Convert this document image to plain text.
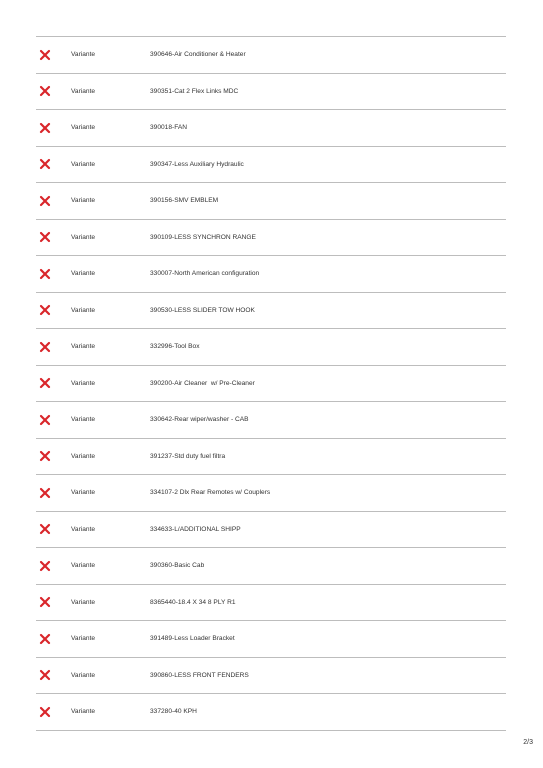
Variante	390646-Air Conditioner & Heater
Variante	390351-Cat 2 Flex Links MDC
Variante	390018-FAN
Variante	390347-Less Auxiliary Hydraulic
Variante	390156-SMV EMBLEM
Variante	390109-LESS SYNCHRON RANGE
Variante	330007-North American configuration
Variante	390530-LESS SLIDER TOW HOOK
Variante	332996-Tool Box
Variante	390200-Air Cleaner  w/ Pre-Cleaner
Variante	330642-Rear wiper/washer - CAB
Variante	391237-Std duty fuel filtra
Variante	334107-2 Dlx Rear Remotes w/ Couplers
Variante	334633-L/ADDITIONAL SHIPP
Variante	390360-Basic Cab
Variante	8365440-18.4 X 34 8 PLY R1
Variante	391489-Less Loader Bracket
Variante	390860-LESS FRONT FENDERS
Variante	337280-40 KPH
2/3
